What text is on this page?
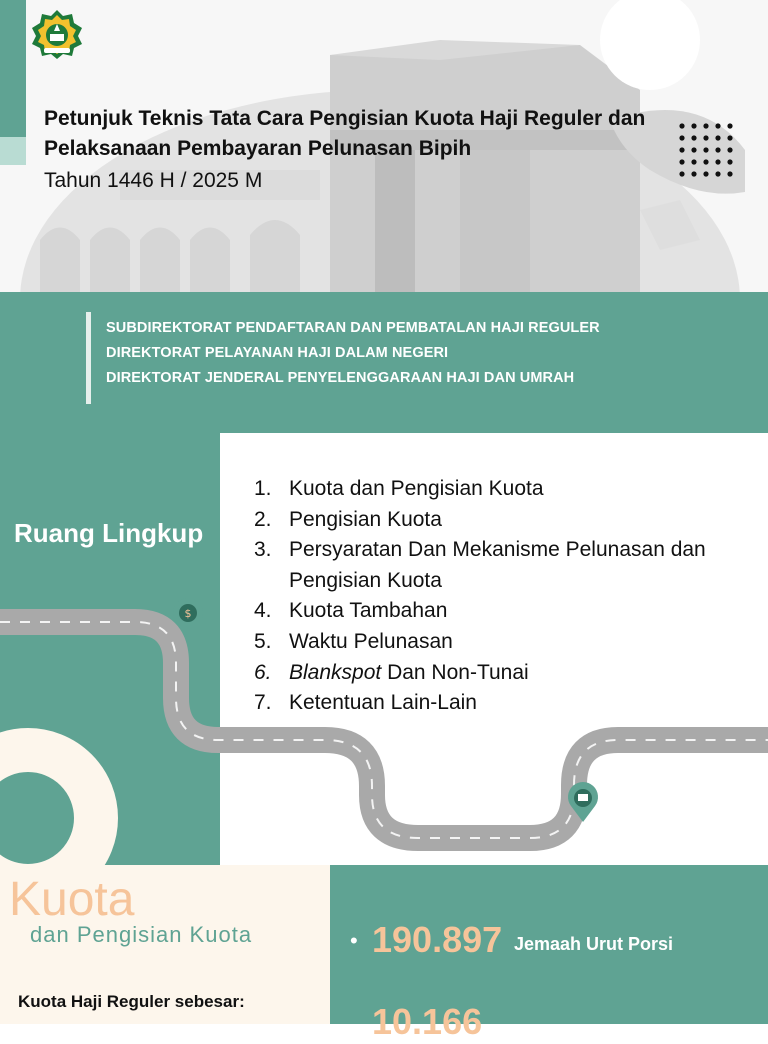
Petunjuk Teknis Tata Cara Pengisian Kuota Haji Reguler dan Pelaksanaan Pembayaran Pelunasan Bipih

Tahun 1446 H / 2025 M
SUBDIREKTORAT PENDAFTARAN DAN PEMBATALAN HAJI REGULER
DIREKTORAT PELAYANAN HAJI DALAM NEGERI
DIREKTORAT JENDERAL PENYELENGGARAAN HAJI DAN UMRAH
$
Ruang Lingkup
1. Kuota dan Pengisian Kuota
2. Pengisian Kuota
3. Persyaratan Dan Mekanisme Pelunasan dan Pengisian Kuota
4. Kuota Tambahan
5. Waktu Pelunasan
6. Blankspot Dan Non-Tunai
7. Ketentuan Lain-Lain
Kuota
dan Pengisian Kuota
Kuota Haji Reguler sebesar:
• 190.897 Jemaah Urut Porsi
10.166
